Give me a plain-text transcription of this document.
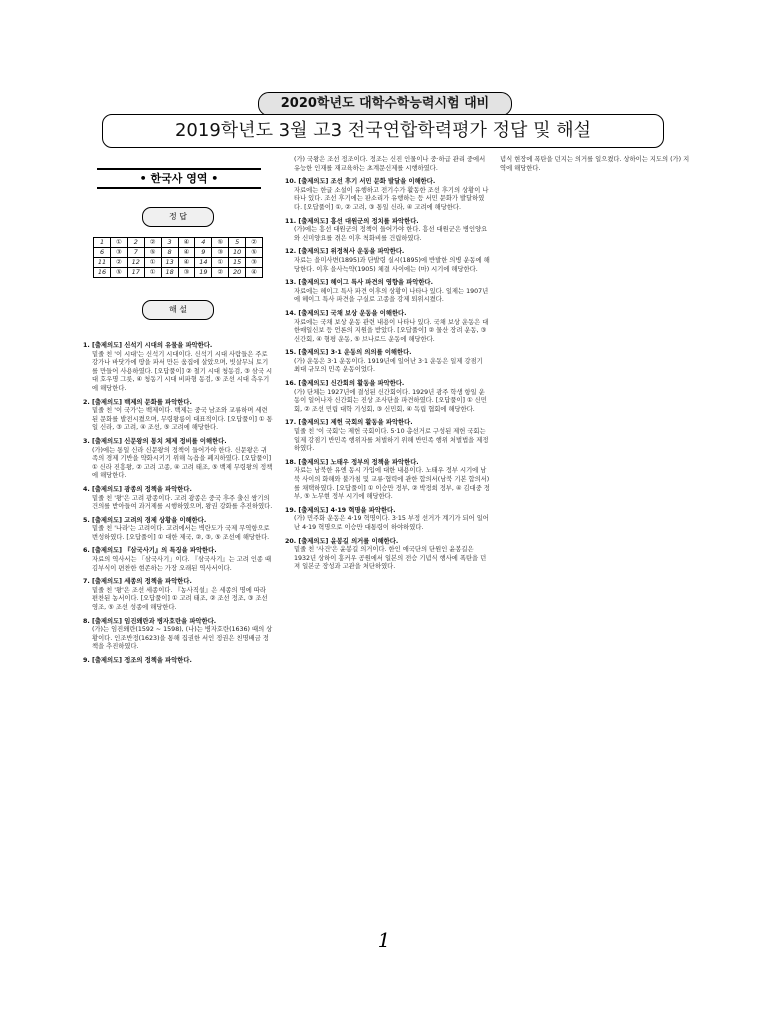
2020학년도 대학수학능력시험 대비
2019학년도 3월 고3 전국연합학력평가 정답 및 해설
• 한국사 영역 •
정 답
1	①	2	②	3	④	4	⑤	5	②
6	③	7	⑤	8	④	9	③	10	⑤
11	②	12	①	13	④	14	①	15	③
16	⑤	17	①	18	③	19	②	20	④
해 설
1. [출제의도] 신석기 시대의 유물을 파악한다.
밑줄 친 '이 시대'는 신석기 시대이다. 신석기 시대 사람들은 주로 강가나 바닷가에 땅을 파서 만든 움집에 살았으며, 빗살무늬 토기를 만들어 사용하였다. [오답풀이] ② 철기 시대 청동검, ③ 삼국 시대 호우명 그릇, ④ 청동기 시대 비파형 동검, ⑤ 조선 시대 측우기에 해당한다.
2. [출제의도] 백제의 문화를 파악한다.
밑줄 친 '이 국가'는 백제이다. 백제는 중국 남조와 교류하며 세련된 문화를 발전시켰으며, 무령왕릉이 대표적이다. [오답풀이] ① 통일 신라, ③ 고려, ④ 조선, ⑤ 고려에 해당한다.
3. [출제의도] 신문왕의 통치 체제 정비를 이해한다.
(가)에는 통일 신라 신문왕의 정책이 들어가야 한다. 신문왕은 귀족의 경제 기반을 약화시키기 위해 녹읍을 폐지하였다. [오답풀이] ① 신라 진흥왕, ② 고려 고종, ④ 고려 태조, ⑤ 백제 무령왕의 정책에 해당한다.
4. [출제의도] 광종의 정책을 파악한다.
밑줄 친 '왕'은 고려 광종이다. 고려 광종은 중국 후주 출신 쌍기의 건의를 받아들여 과거제를 시행하였으며, 왕권 강화를 추진하였다.
5. [출제의도] 고려의 경제 상황을 이해한다.
밑줄 친 '나라'는 고려이다. 고려에서는 벽란도가 국제 무역항으로 번성하였다. [오답풀이] ① 대한 제국, ②, ③, ⑤ 조선에 해당한다.
6. [출제의도] 『삼국사기』의 특징을 파악한다.
자료의 역사서는 「삼국사기」이다. 『삼국사기』는 고려 인종 때 김부식이 편찬한 현존하는 가장 오래된 역사서이다.
7. [출제의도] 세종의 정책을 파악한다.
밑줄 친 '왕'은 조선 세종이다. 『농사직설』은 세종의 명에 따라 편찬된 농서이다. [오답풀이] ① 고려 태조, ② 조선 정조, ③ 조선 영조, ⑤ 조선 성종에 해당한다.
8. [출제의도] 임진왜란과 병자호란을 파악한다.
(가)는 임진왜란(1592 ~ 1598), (나)는 병자호란(1636) 때의 상황이다. 인조반정(1623)을 통해 집권한 서인 정권은 친명배금 정책을 추진하였다.
9. [출제의도] 정조의 정책을 파악한다.
(가) 국왕은 조선 정조이다. 정조는 신진 인물이나 중·하급 관리 중에서 유능한 인재를 재교육하는 초계문신제를 시행하였다.
10. [출제의도] 조선 후기 서민 문화 발달을 이해한다.
자료에는 한글 소설이 유행하고 전기수가 활동한 조선 후기의 상황이 나타나 있다. 조선 후기에는 판소리가 유행하는 등 서민 문화가 발달하였다. [오답풀이] ①, ② 고려, ③ 통일 신라, ④ 고려에 해당한다.
11. [출제의도] 흥선 대원군의 정치를 파악한다.
(가)에는 흥선 대원군의 정책이 들어가야 한다. 흥선 대원군은 병인양요와 신미양요를 겪은 이후 척화비를 건립하였다.
12. [출제의도] 위정척사 운동을 파악한다.
자료는 을미사변(1895)과 단발령 실시(1895)에 반발한 의병 운동에 해당한다. 이후 을사늑약(1905) 체결 사이에는 (마) 시기에 해당한다.
13. [출제의도] 헤이그 특사 파견의 영향을 파악한다.
자료에는 헤이그 특사 파견 이후의 상황이 나타나 있다. 일제는 1907년에 헤이그 특사 파견을 구실로 고종을 강제 퇴위시켰다.
14. [출제의도] 국채 보상 운동을 이해한다.
자료에는 국채 보상 운동 관련 내용이 나타나 있다. 국채 보상 운동은 대한매일신보 등 언론의 지원을 받았다. [오답풀이] ② 물산 장려 운동, ③ 신간회, ④ 형평 운동, ⑤ 브나로드 운동에 해당한다.
15. [출제의도] 3·1 운동의 의의를 이해한다.
(가) 운동은 3·1 운동이다. 1919년에 일어난 3·1 운동은 일제 강점기 최대 규모의 민족 운동이었다.
16. [출제의도] 신간회의 활동을 파악한다.
(가) 단체는 1927년에 결성된 신간회이다. 1929년 광주 학생 항일 운동이 일어나자 신간회는 진상 조사단을 파견하였다. [오답풀이] ① 신민회, ② 조선 민립 대학 기성회, ③ 신민회, ④ 독립 협회에 해당한다.
17. [출제의도] 제헌 국회의 활동을 파악한다.
밑줄 친 '이 국회'는 제헌 국회이다. 5·10 총선거로 구성된 제헌 국회는 일제 강점기 반민족 행위자를 처벌하기 위해 반민족 행위 처벌법을 제정하였다.
18. [출제의도] 노태우 정부의 정책을 파악한다.
자료는 남북한 유엔 동시 가입에 대한 내용이다. 노태우 정부 시기에 남북 사이의 화해와 불가침 및 교류·협력에 관한 합의서(남북 기본 합의서)를 채택하였다. [오답풀이] ① 이승만 정부, ② 박정희 정부, ④ 김대중 정부, ⑤ 노무현 정부 시기에 해당한다.
19. [출제의도] 4·19 혁명을 파악한다.
(가) 민주화 운동은 4·19 혁명이다. 3·15 부정 선거가 계기가 되어 일어난 4·19 혁명으로 이승만 대통령이 하야하였다.
20. [출제의도] 윤봉길 의거를 이해한다.
밑줄 친 '사건'은 윤봉길 의거이다. 한인 애국단의 단원인 윤봉길은 1932년 상하이 훙커우 공원에서 일본의 전승 기념식 행사에 폭탄을 던져 일본군 장성과 고관을 처단하였다.
념식 현장에 폭탄을 던지는 의거를 일으켰다. 상하이는 지도의 (가) 지역에 해당한다.
1
